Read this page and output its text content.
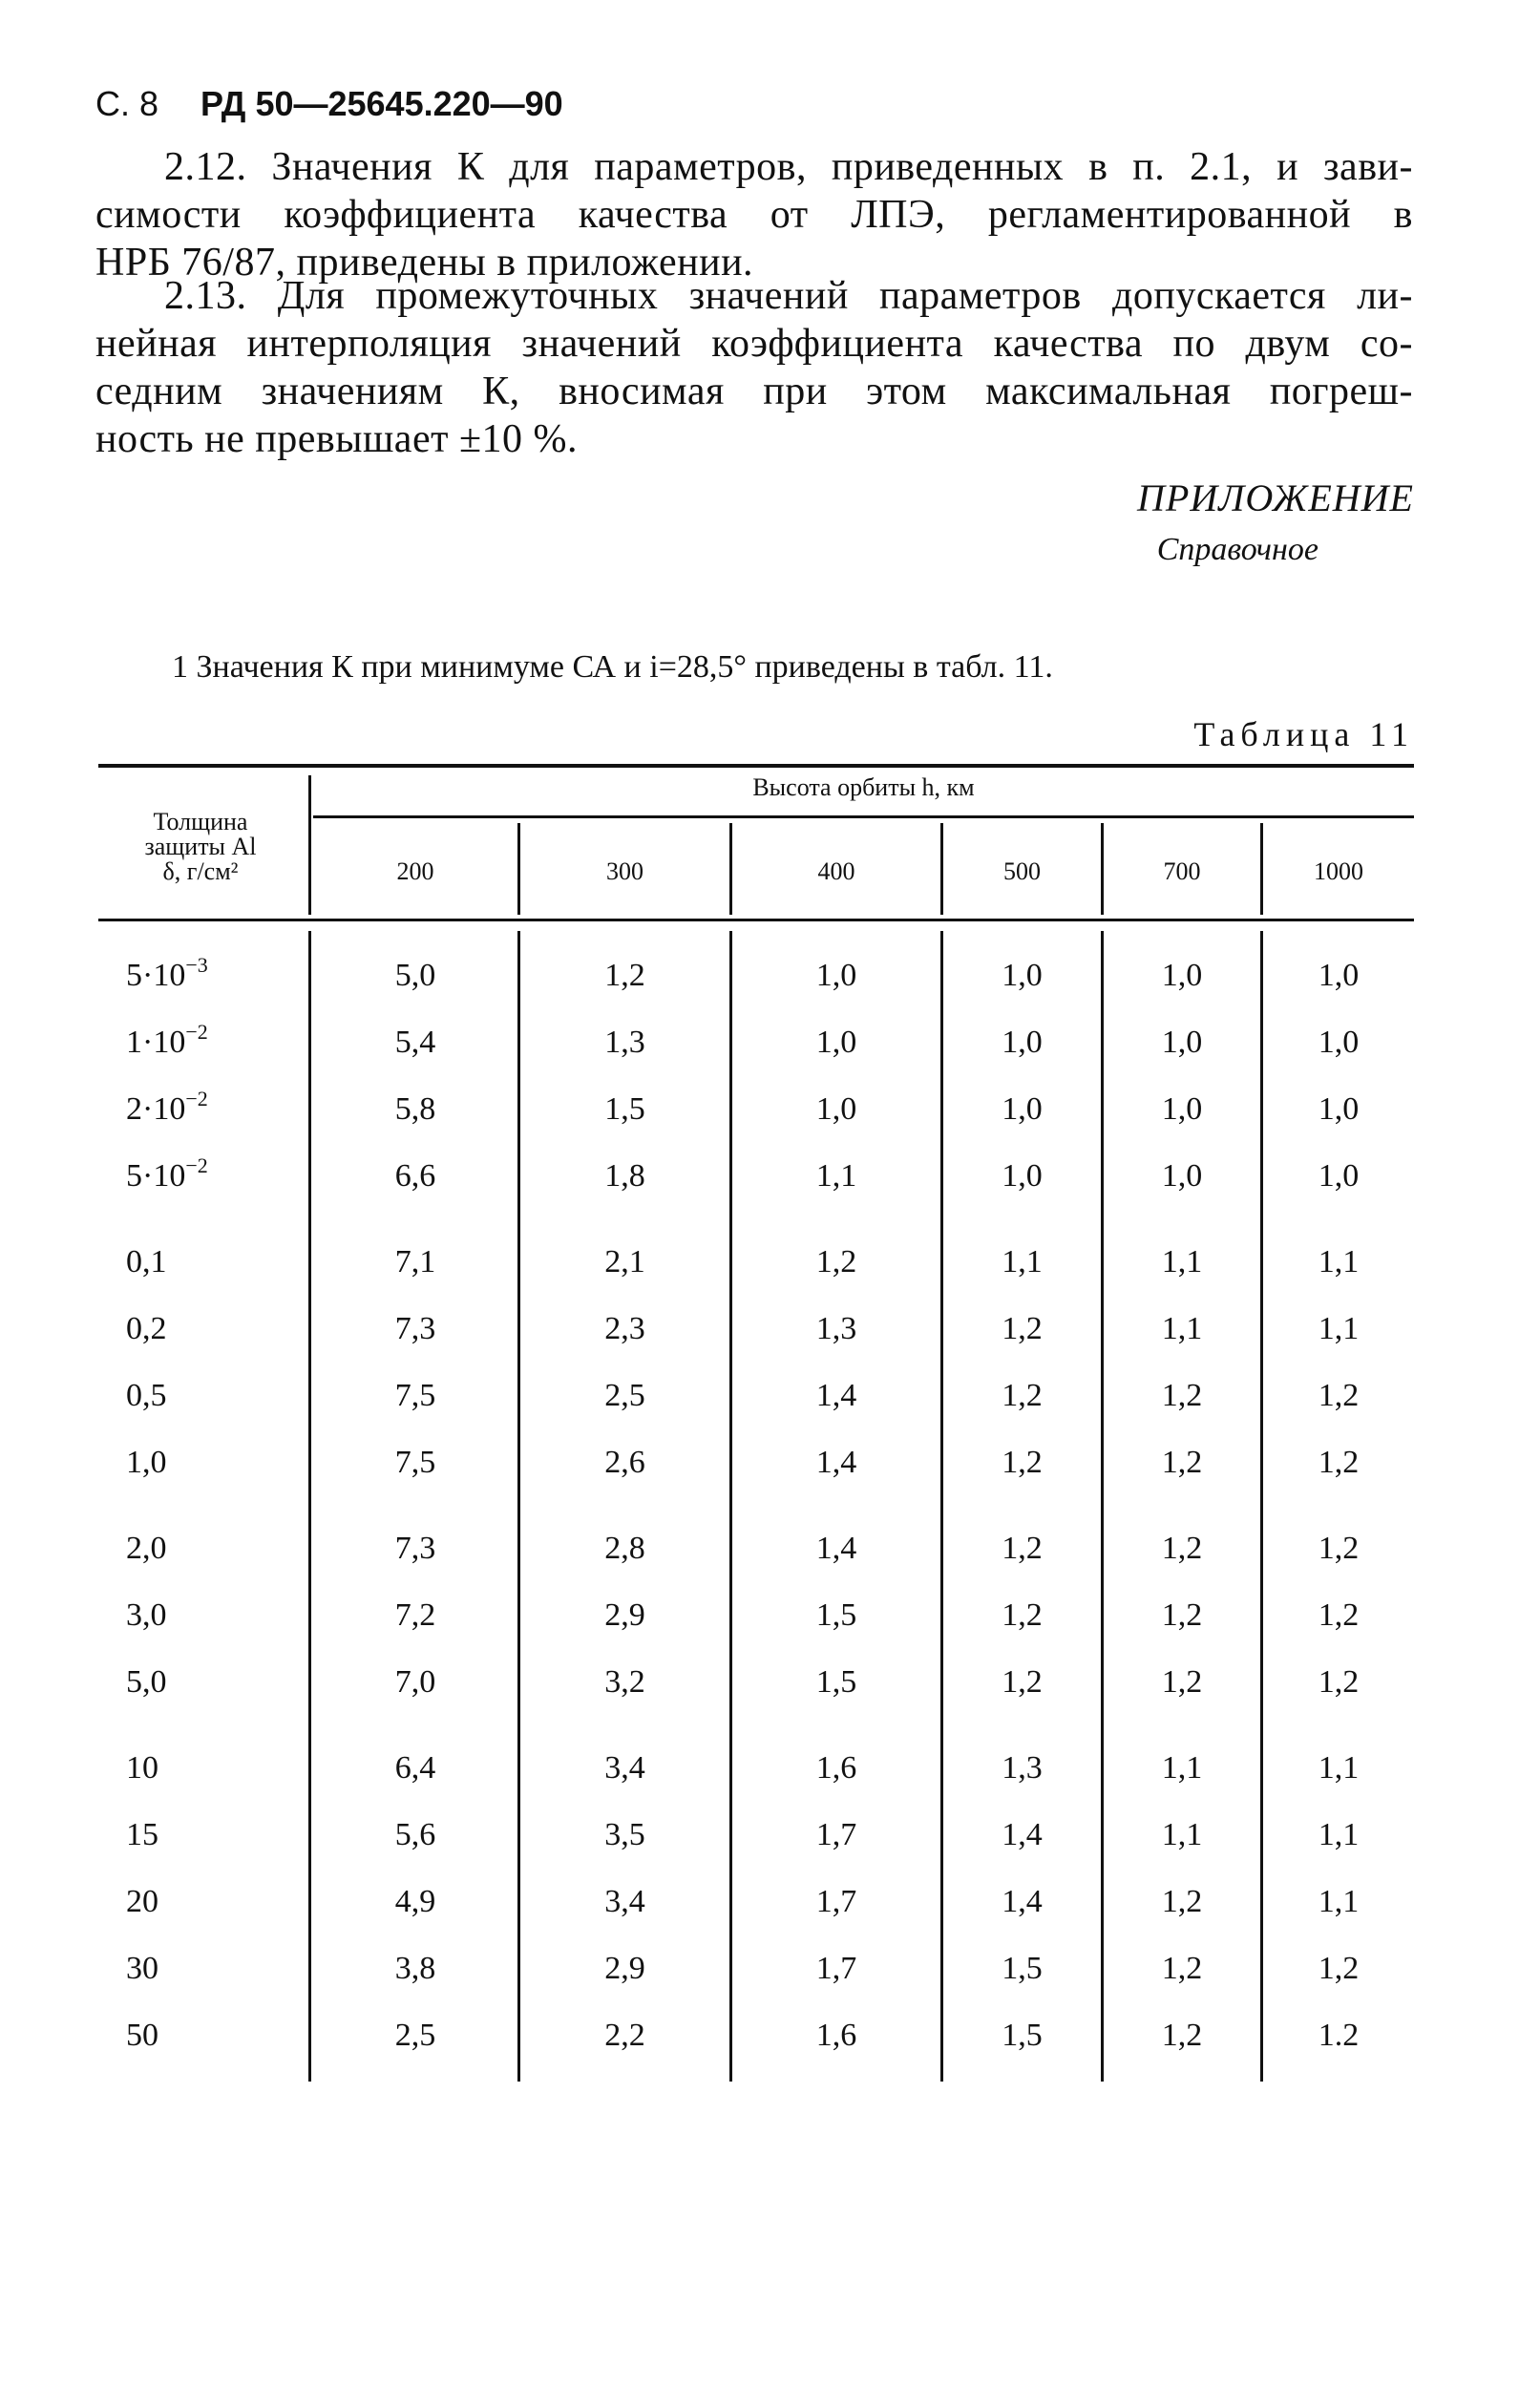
С. 8 РД 50—25645.220—90
2.12. Значения К для параметров, приведенных в п. 2.1, и зави-
симости коэффициента качества от ЛПЭ, регламентированной в
НРБ 76/87, приведены в приложении.
2.13. Для промежуточных значений параметров допускается ли-
нейная интерполяция значений коэффициента качества по двум со-
седним значениям К, вносимая при этом максимальная погреш-
ность не превышает ±10 %.
ПРИЛОЖЕНИЕ
Справочное
1 Значения К при минимуме СА и i=28,5° приведены в табл. 11.
Таблица 11
Толщина
защиты Al
δ, г/см²
Высота орбиты h, км
200	300	400	500	700	1000
$5\cdot 10^{-3}$	5,0	1,2	1,0	1,0	1,0	1,0
$1\cdot 10^{-2}$	5,4	1,3	1,0	1,0	1,0	1,0
$2\cdot 10^{-2}$	5,8	1,5	1,0	1,0	1,0	1,0
$5\cdot 10^{-2}$	6,6	1,8	1,1	1,0	1,0	1,0
0,1	7,1	2,1	1,2	1,1	1,1	1,1
0,2	7,3	2,3	1,3	1,2	1,1	1,1
0,5	7,5	2,5	1,4	1,2	1,2	1,2
1,0	7,5	2,6	1,4	1,2	1,2	1,2
2,0	7,3	2,8	1,4	1,2	1,2	1,2
3,0	7,2	2,9	1,5	1,2	1,2	1,2
5,0	7,0	3,2	1,5	1,2	1,2	1,2
10	6,4	3,4	1,6	1,3	1,1	1,1
15	5,6	3,5	1,7	1,4	1,1	1,1
20	4,9	3,4	1,7	1,4	1,2	1,1
30	3,8	2,9	1,7	1,5	1,2	1,2
50	2,5	2,2	1,6	1,5	1,2	1.2
